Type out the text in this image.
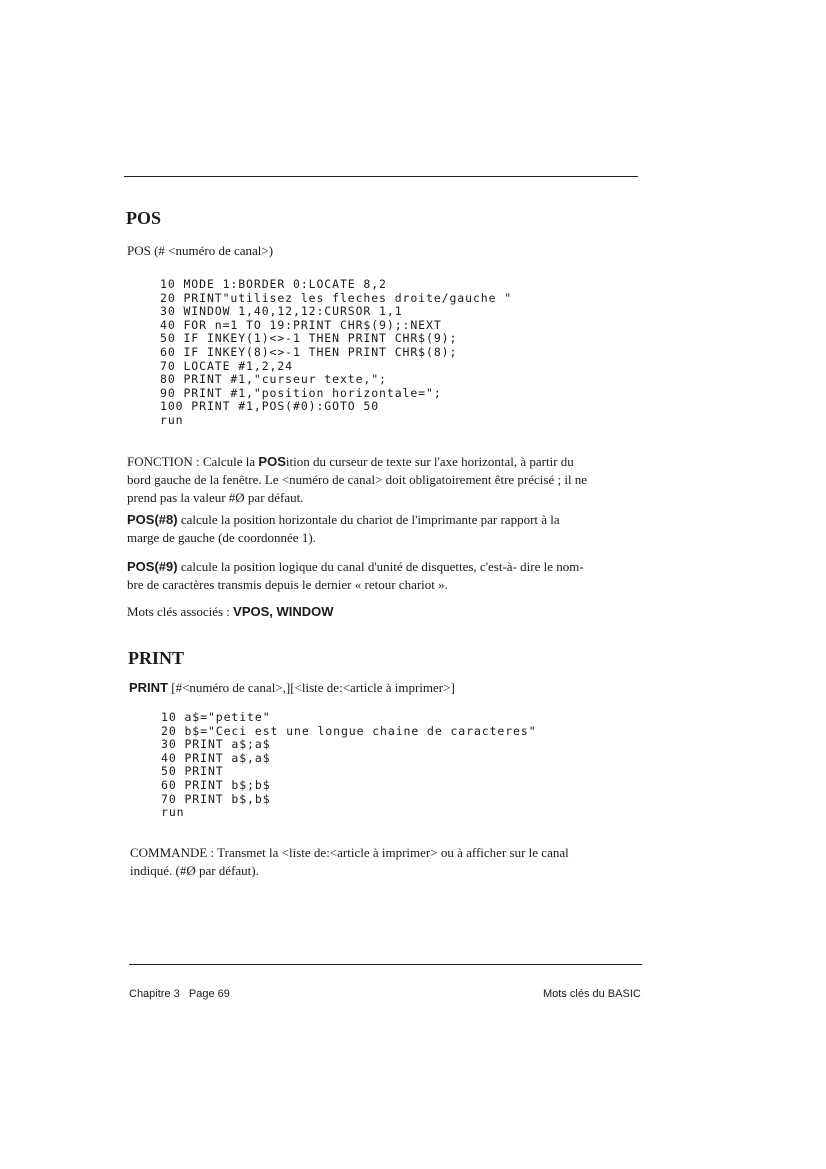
POS
POS (# <numéro de canal>)
10 MODE 1:BORDER 0:LOCATE 8,2
20 PRINT"utilisez les fleches droite/gauche "
30 WINDOW 1,40,12,12:CURSOR 1,1
40 FOR n=1 TO 19:PRINT CHR$(9);:NEXT
50 IF INKEY(1)<>-1 THEN PRINT CHR$(9);
60 IF INKEY(8)<>-1 THEN PRINT CHR$(8);
70 LOCATE #1,2,24
80 PRINT #1,"curseur texte,";
90 PRINT #1,"position horizontale=";
100 PRINT #1,POS(#0):GOTO 50
run
FONCTION : Calcule la POSition du curseur de texte sur l'axe horizontal, à partir du
bord gauche de la fenêtre. Le <numéro de canal> doit obligatoirement être précisé ; il ne
prend pas la valeur #Ø par défaut.
POS(#8) calcule la position horizontale du chariot de l'imprimante par rapport à la
marge de gauche (de coordonnée 1).
POS(#9) calcule la position logique du canal d'unité de disquettes, c'est-à- dire le nom-
bre de caractères transmis depuis le dernier « retour chariot ».
Mots clés associés : VPOS, WINDOW
PRINT
PRINT [#<numéro de canal>,][<liste de:<article à imprimer>]
10 a$="petite"
20 b$="Ceci est une longue chaine de caracteres"
30 PRINT a$;a$
40 PRINT a$,a$
50 PRINT
60 PRINT b$;b$
70 PRINT b$,b$
run
COMMANDE : Transmet la <liste de:<article à imprimer> ou à afficher sur le canal
indiqué. (#Ø par défaut).
Chapitre 3   Page 69	Mots clés du BASIC
